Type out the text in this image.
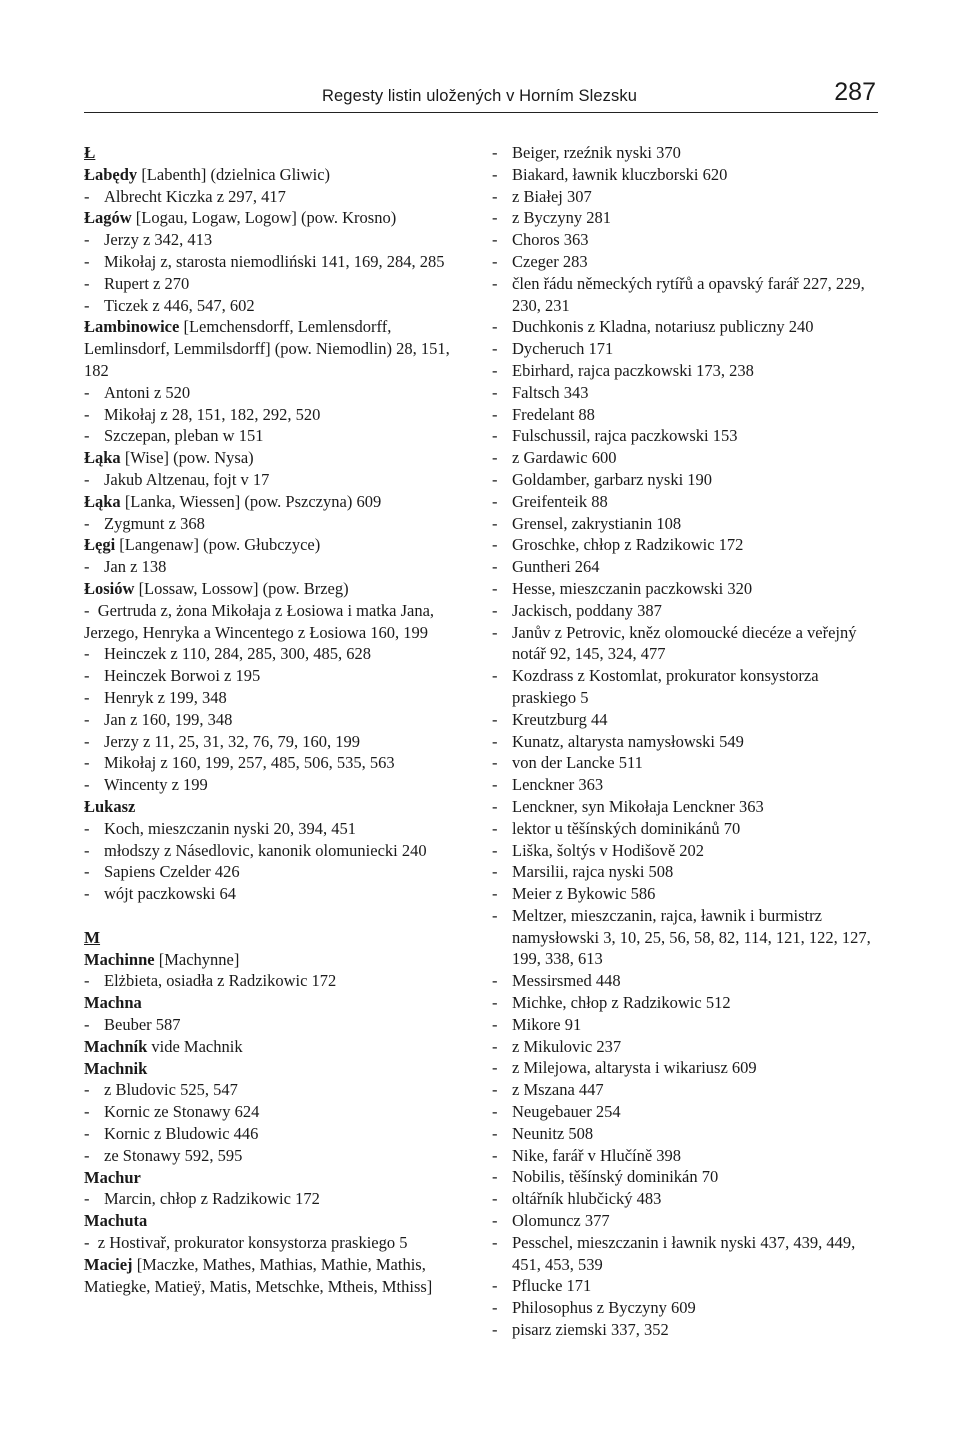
Regesty listin uložených v Horním Slezsku	287
Ł
Łabędy [Labenth] (dzielnica Gliwic)
- Albrecht Kiczka z 297, 417
Łagów [Logau, Logaw, Logow] (pow. Krosno)
- Jerzy z 342, 413
- Mikołaj z, starosta niemodliński 141, 169, 284, 285
- Rupert z 270
- Ticzek z 446, 547, 602
Łambinowice [Lemchensdorff, Lemlensdorff, Lemlinsdorf, Lemmilsdorff] (pow. Niemodlin) 28, 151, 182
- Antoni z 520
- Mikołaj z 28, 151, 182, 292, 520
- Szczepan, pleban w 151
Łąka [Wise] (pow. Nysa)
- Jakub Altzenau, fojt v 17
Łąka [Lanka, Wiessen] (pow. Pszczyna) 609
- Zygmunt z 368
Łęgi [Langenaw] (pow. Głubczyce)
- Jan z 138
Łosiów [Lossaw, Lossow] (pow. Brzeg)
-  Gertruda z, żona Mikołaja z Łosiowa i matka Jana, Jerzego, Henryka a Wincentego z Łosiowa 160, 199
- Heinczek z 110, 284, 285, 300, 485, 628
- Heinczek Borwoi z 195
- Henryk z 199, 348
- Jan z 160, 199, 348
- Jerzy z 11, 25, 31, 32, 76, 79, 160, 199
- Mikołaj z 160, 199, 257, 485, 506, 535, 563
- Wincenty z 199
Łukasz
- Koch, mieszczanin nyski 20, 394, 451
- młodszy z Násedlovic, kanonik olomuniecki 240
- Sapiens Czelder 426
- wójt paczkowski 64
M
Machinne [Machynne]
- Elżbieta, osiadła z Radzikowic 172
Machna
- Beuber 587
Machník vide Machnik
Machnik
- z Bludovic 525, 547
- Kornic ze Stonawy 624
- Kornic z Bludowic 446
- ze Stonawy 592, 595
Machur
- Marcin, chłop z Radzikowic 172
Machuta
-  z Hostivař, prokurator konsystorza praskiego 5
Maciej [Maczke, Mathes, Mathias, Mathie, Mathis, Matiegke, Matieÿ, Matis, Metschke, Mtheis, Mthiss]
- Beiger, rzeźnik nyski 370
- Biakard, ławnik kluczborski 620
- z Białej 307
- z Byczyny 281
- Choros 363
- Czeger 283
- člen řádu německých rytířů a opavský farář 227, 229, 230, 231
- Duchkonis z Kladna, notariusz publiczny 240
- Dycheruch 171
- Ebirhard, rajca paczkowski 173, 238
- Faltsch 343
- Fredelant 88
- Fulschussil, rajca paczkowski 153
- z Gardawic 600
- Goldamber, garbarz nyski 190
- Greifenteik 88
- Grensel, zakrystianin 108
- Groschke, chłop z Radzikowic 172
- Guntheri 264
- Hesse, mieszczanin paczkowski 320
- Jackisch, poddany 387
- Janův z Petrovic, kněz olomoucké diecéze a veřejný notář 92, 145, 324, 477
- Kozdrass z Kostomlat, prokurator konsystorza praskiego 5
- Kreutzburg 44
- Kunatz, altarysta namysłowski 549
- von der Lancke 511
- Lenckner 363
- Lenckner, syn Mikołaja Lenckner 363
- lektor u těšínských dominikánů 70
- Liška, šoltýs v Hodišově 202
- Marsilii, rajca nyski 508
- Meier z Bykowic 586
- Meltzer, mieszczanin, rajca, ławnik i burmistrz namysłowski 3, 10, 25, 56, 58, 82, 114, 121, 122, 127, 199, 338, 613
- Messirsmed 448
- Michke, chłop z Radzikowic 512
- Mikore 91
- z Mikulovic 237
- z Milejowa, altarysta i wikariusz 609
- z Mszana 447
- Neugebauer 254
- Neunitz 508
- Nike, farář v Hlučíně 398
- Nobilis, těšínský dominikán 70
- oltářník hlubčický 483
- Olomuncz 377
- Pesschel, mieszczanin i ławnik nyski 437, 439, 449, 451, 453, 539
- Pflucke 171
- Philosophus z Byczyny 609
- pisarz ziemski 337, 352
